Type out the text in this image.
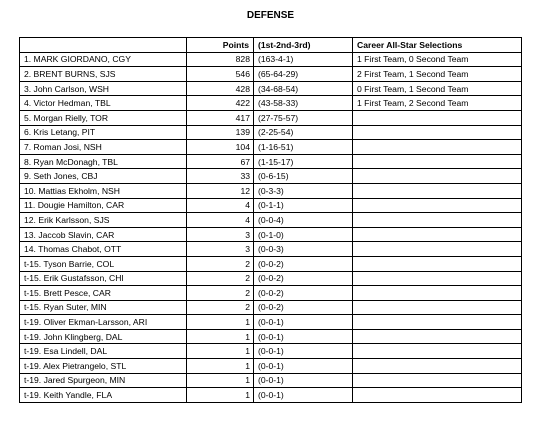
DEFENSE
	Points	(1st-2nd-3rd)	Career All-Star Selections
1. MARK GIORDANO, CGY	828	(163-4-1)	1 First Team, 0 Second Team
2. BRENT BURNS, SJS	546	(65-64-29)	2 First Team, 1 Second Team
3. John Carlson, WSH	428	(34-68-54)	0 First Team, 1 Second Team
4. Victor Hedman, TBL	422	(43-58-33)	1 First Team, 2 Second Team
5. Morgan Rielly, TOR	417	(27-75-57)	
6. Kris Letang, PIT	139	(2-25-54)	
7. Roman Josi, NSH	104	(1-16-51)	
8. Ryan McDonagh, TBL	67	(1-15-17)	
9. Seth Jones, CBJ	33	(0-6-15)	
10. Mattias Ekholm, NSH	12	(0-3-3)	
11. Dougie Hamilton, CAR	4	(0-1-1)	
12. Erik Karlsson, SJS	4	(0-0-4)	
13. Jaccob Slavin, CAR	3	(0-1-0)	
14. Thomas Chabot, OTT	3	(0-0-3)	
t-15. Tyson Barrie, COL	2	(0-0-2)	
t-15. Erik Gustafsson, CHI	2	(0-0-2)	
t-15. Brett Pesce, CAR	2	(0-0-2)	
t-15. Ryan Suter, MIN	2	(0-0-2)	
t-19. Oliver Ekman-Larsson, ARI	1	(0-0-1)	
t-19. John Klingberg, DAL	1	(0-0-1)	
t-19. Esa Lindell, DAL	1	(0-0-1)	
t-19. Alex Pietrangelo, STL	1	(0-0-1)	
t-19. Jared Spurgeon, MIN	1	(0-0-1)	
t-19. Keith Yandle, FLA	1	(0-0-1)	
